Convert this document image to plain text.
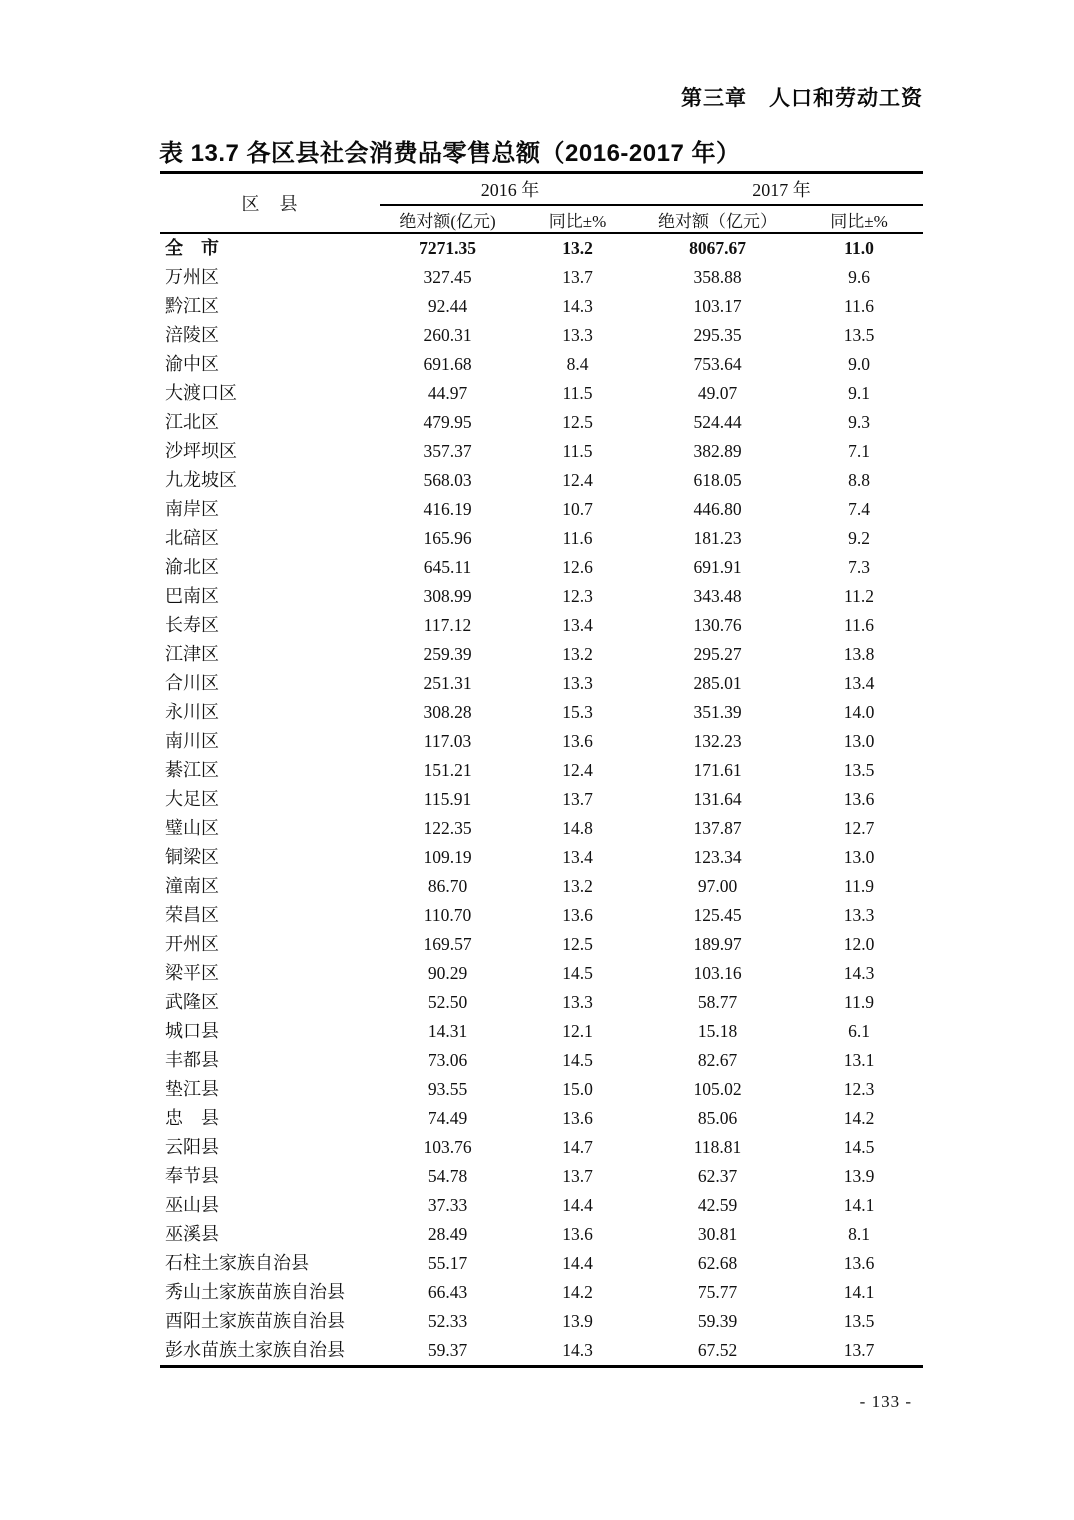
第三章　人口和劳动工资
表 13.7 各区县社会消费品零售总额（2016-2017 年）
区　县	2016 年		2017 年	
	绝对额(亿元)	同比±%	绝对额（亿元）	同比±%
全　市	7271.35	13.2	8067.67	11.0
万州区	327.45	13.7	358.88	9.6
黔江区	92.44	14.3	103.17	11.6
涪陵区	260.31	13.3	295.35	13.5
渝中区	691.68	8.4	753.64	9.0
大渡口区	44.97	11.5	49.07	9.1
江北区	479.95	12.5	524.44	9.3
沙坪坝区	357.37	11.5	382.89	7.1
九龙坡区	568.03	12.4	618.05	8.8
南岸区	416.19	10.7	446.80	7.4
北碚区	165.96	11.6	181.23	9.2
渝北区	645.11	12.6	691.91	7.3
巴南区	308.99	12.3	343.48	11.2
长寿区	117.12	13.4	130.76	11.6
江津区	259.39	13.2	295.27	13.8
合川区	251.31	13.3	285.01	13.4
永川区	308.28	15.3	351.39	14.0
南川区	117.03	13.6	132.23	13.0
綦江区	151.21	12.4	171.61	13.5
大足区	115.91	13.7	131.64	13.6
璧山区	122.35	14.8	137.87	12.7
铜梁区	109.19	13.4	123.34	13.0
潼南区	86.70	13.2	97.00	11.9
荣昌区	110.70	13.6	125.45	13.3
开州区	169.57	12.5	189.97	12.0
梁平区	90.29	14.5	103.16	14.3
武隆区	52.50	13.3	58.77	11.9
城口县	14.31	12.1	15.18	6.1
丰都县	73.06	14.5	82.67	13.1
垫江县	93.55	15.0	105.02	12.3
忠　县	74.49	13.6	85.06	14.2
云阳县	103.76	14.7	118.81	14.5
奉节县	54.78	13.7	62.37	13.9
巫山县	37.33	14.4	42.59	14.1
巫溪县	28.49	13.6	30.81	8.1
石柱土家族自治县	55.17	14.4	62.68	13.6
秀山土家族苗族自治县	66.43	14.2	75.77	14.1
酉阳土家族苗族自治县	52.33	13.9	59.39	13.5
彭水苗族土家族自治县	59.37	14.3	67.52	13.7
- 133 -
